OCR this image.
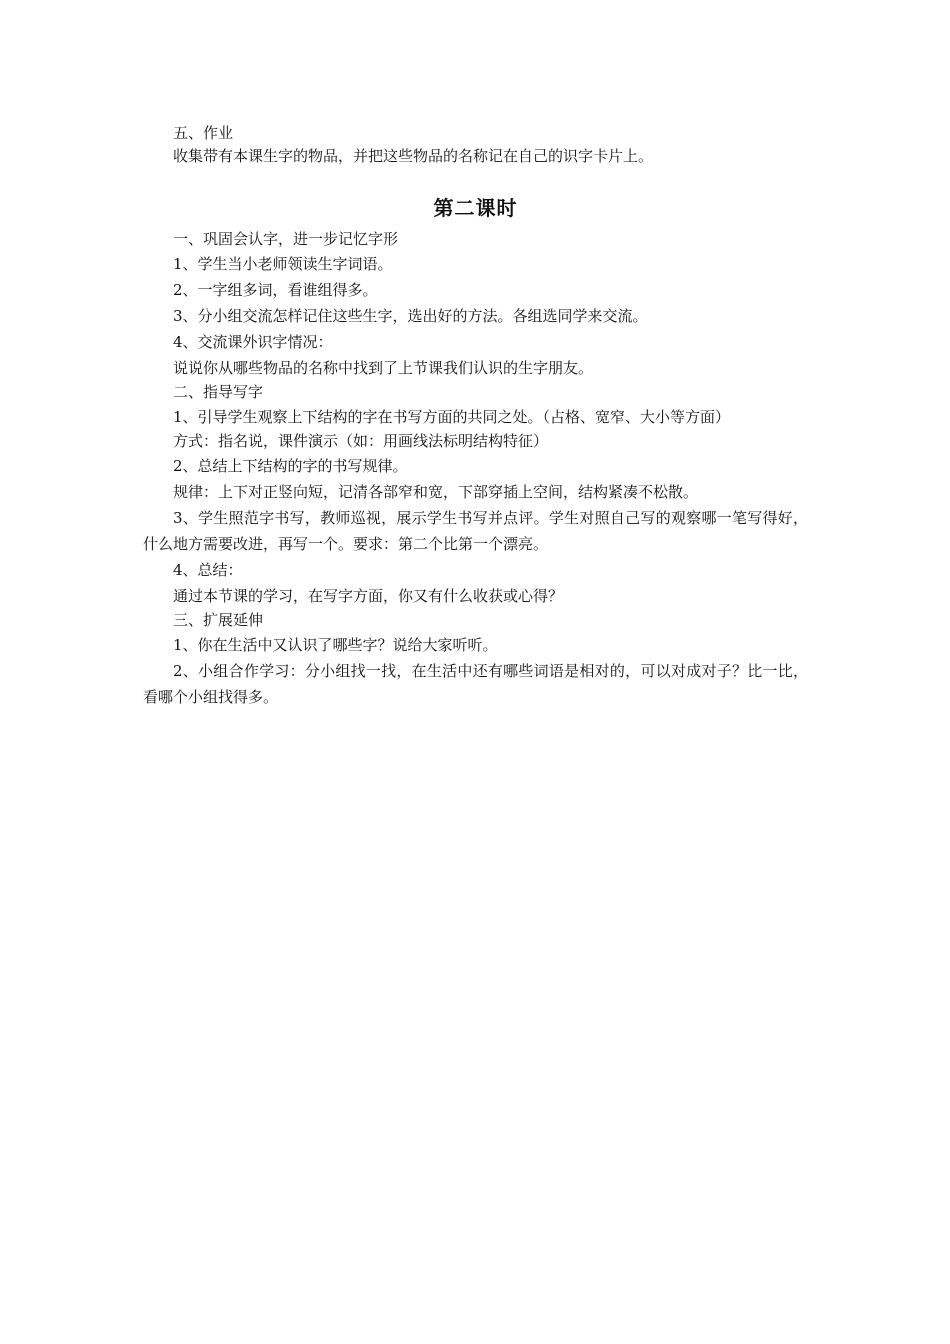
五、作业

收集带有本课生字的物品，并把这些物品的名称记在自己的识字卡片上。

第二课时

一、巩固会认字，进一步记忆字形

1、学生当小老师领读生字词语。

2、一字组多词，看谁组得多。

3、分小组交流怎样记住这些生字，选出好的方法。各组选同学来交流。

4、交流课外识字情况：

说说你从哪些物品的名称中找到了上节课我们认识的生字朋友。

二、指导写字

1、引导学生观察上下结构的字在书写方面的共同之处。（占格、宽窄、大小等方面）

方式：指名说，课件演示（如：用画线法标明结构特征）

2、总结上下结构的字的书写规律。

规律：上下对正竖向短，记清各部窄和宽，下部穿插上空间，结构紧凑不松散。

3、学生照范字书写，教师巡视，展示学生书写并点评。学生对照自己写的观察哪一笔写得好，什么地方需要改进，再写一个。要求：第二个比第一个漂亮。

4、总结：

通过本节课的学习，在写字方面，你又有什么收获或心得？

三、扩展延伸

1、你在生活中又认识了哪些字？说给大家听听。

2、小组合作学习：分小组找一找，在生活中还有哪些词语是相对的，可以对成对子？比一比，看哪个小组找得多。
